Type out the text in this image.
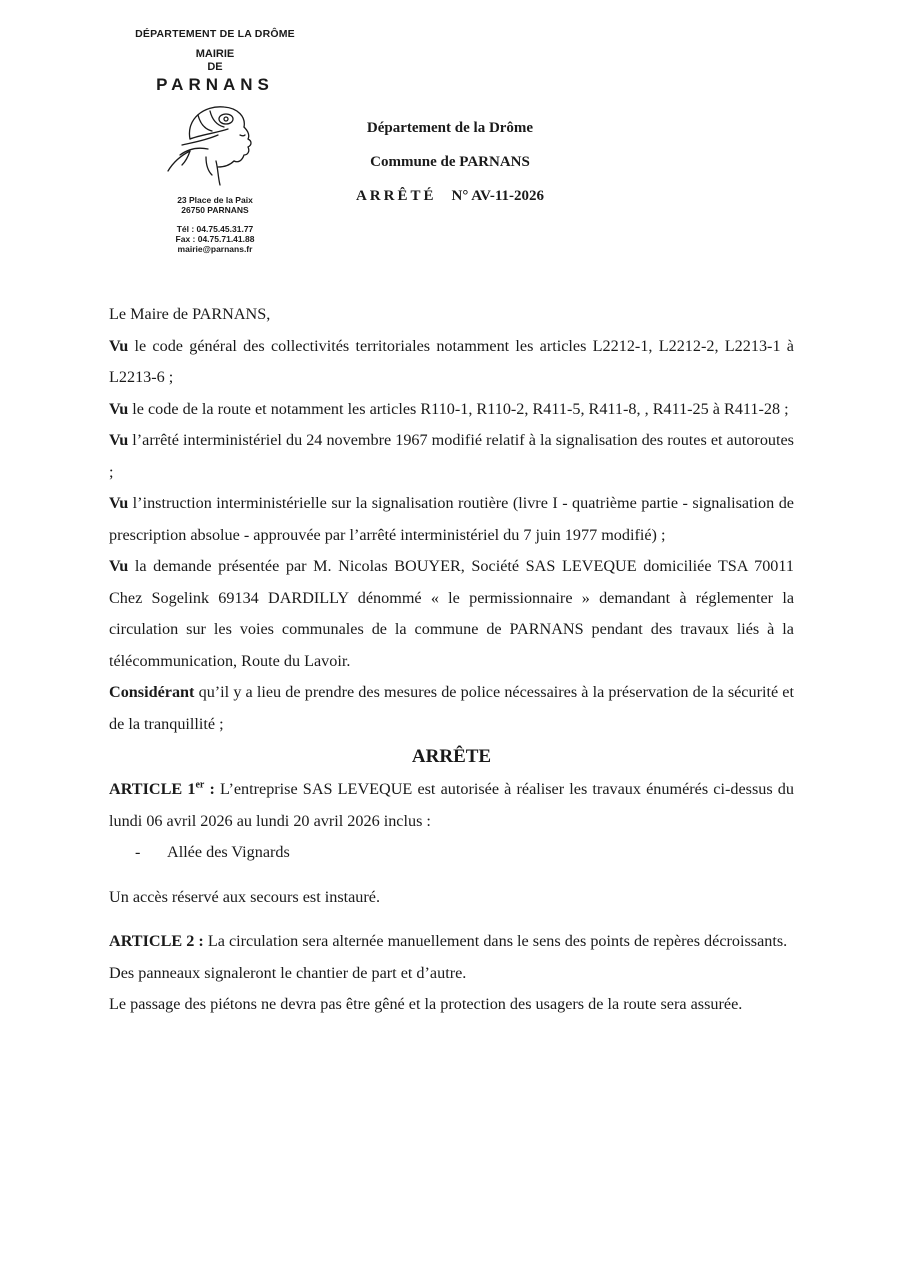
DÉPARTEMENT DE LA DRÔME
MAIRIE
DE
PARNANS
23 Place de la Paix
26750 PARNANS
Tél : 04.75.45.31.77
Fax : 04.75.71.41.88
mairie@parnans.fr
Département de la Drôme
Commune de PARNANS
ARRÊTÉ N° AV-11-2026

Le Maire de PARNANS,

Vu le code général des collectivités territoriales notamment les articles L2212-1, L2212-2, L2213-1 à L2213-6 ;

Vu le code de la route et notamment les articles R110-1, R110-2, R411-5, R411-8, , R411-25 à R411-28 ;

Vu l’arrêté interministériel du 24 novembre 1967 modifié relatif à la signalisation des routes et autoroutes ;

Vu l’instruction interministérielle sur la signalisation routière (livre I - quatrième partie - signalisation de prescription absolue - approuvée par l’arrêté interministériel du 7 juin 1977 modifié) ;

Vu la demande présentée par M. Nicolas BOUYER, Société SAS LEVEQUE domiciliée TSA 70011 Chez Sogelink 69134 DARDILLY dénommé « le permissionnaire » demandant à réglementer la circulation sur les voies communales de la commune de PARNANS pendant des travaux liés à la télécommunication, Route du Lavoir.

Considérant qu’il y a lieu de prendre des mesures de police nécessaires à la préservation de la sécurité et de la tranquillité ;

ARRÊTE

ARTICLE 1er : L’entreprise SAS LEVEQUE est autorisée à réaliser les travaux énumérés ci-dessus du lundi 06 avril 2026 au lundi 20 avril 2026 inclus :

- Allée des Vignards

Un accès réservé aux secours est instauré.

ARTICLE 2 : La circulation sera alternée manuellement dans le sens des points de repères décroissants.

Des panneaux signaleront le chantier de part et d’autre.

Le passage des piétons ne devra pas être gêné et la protection des usagers de la route sera assurée.
